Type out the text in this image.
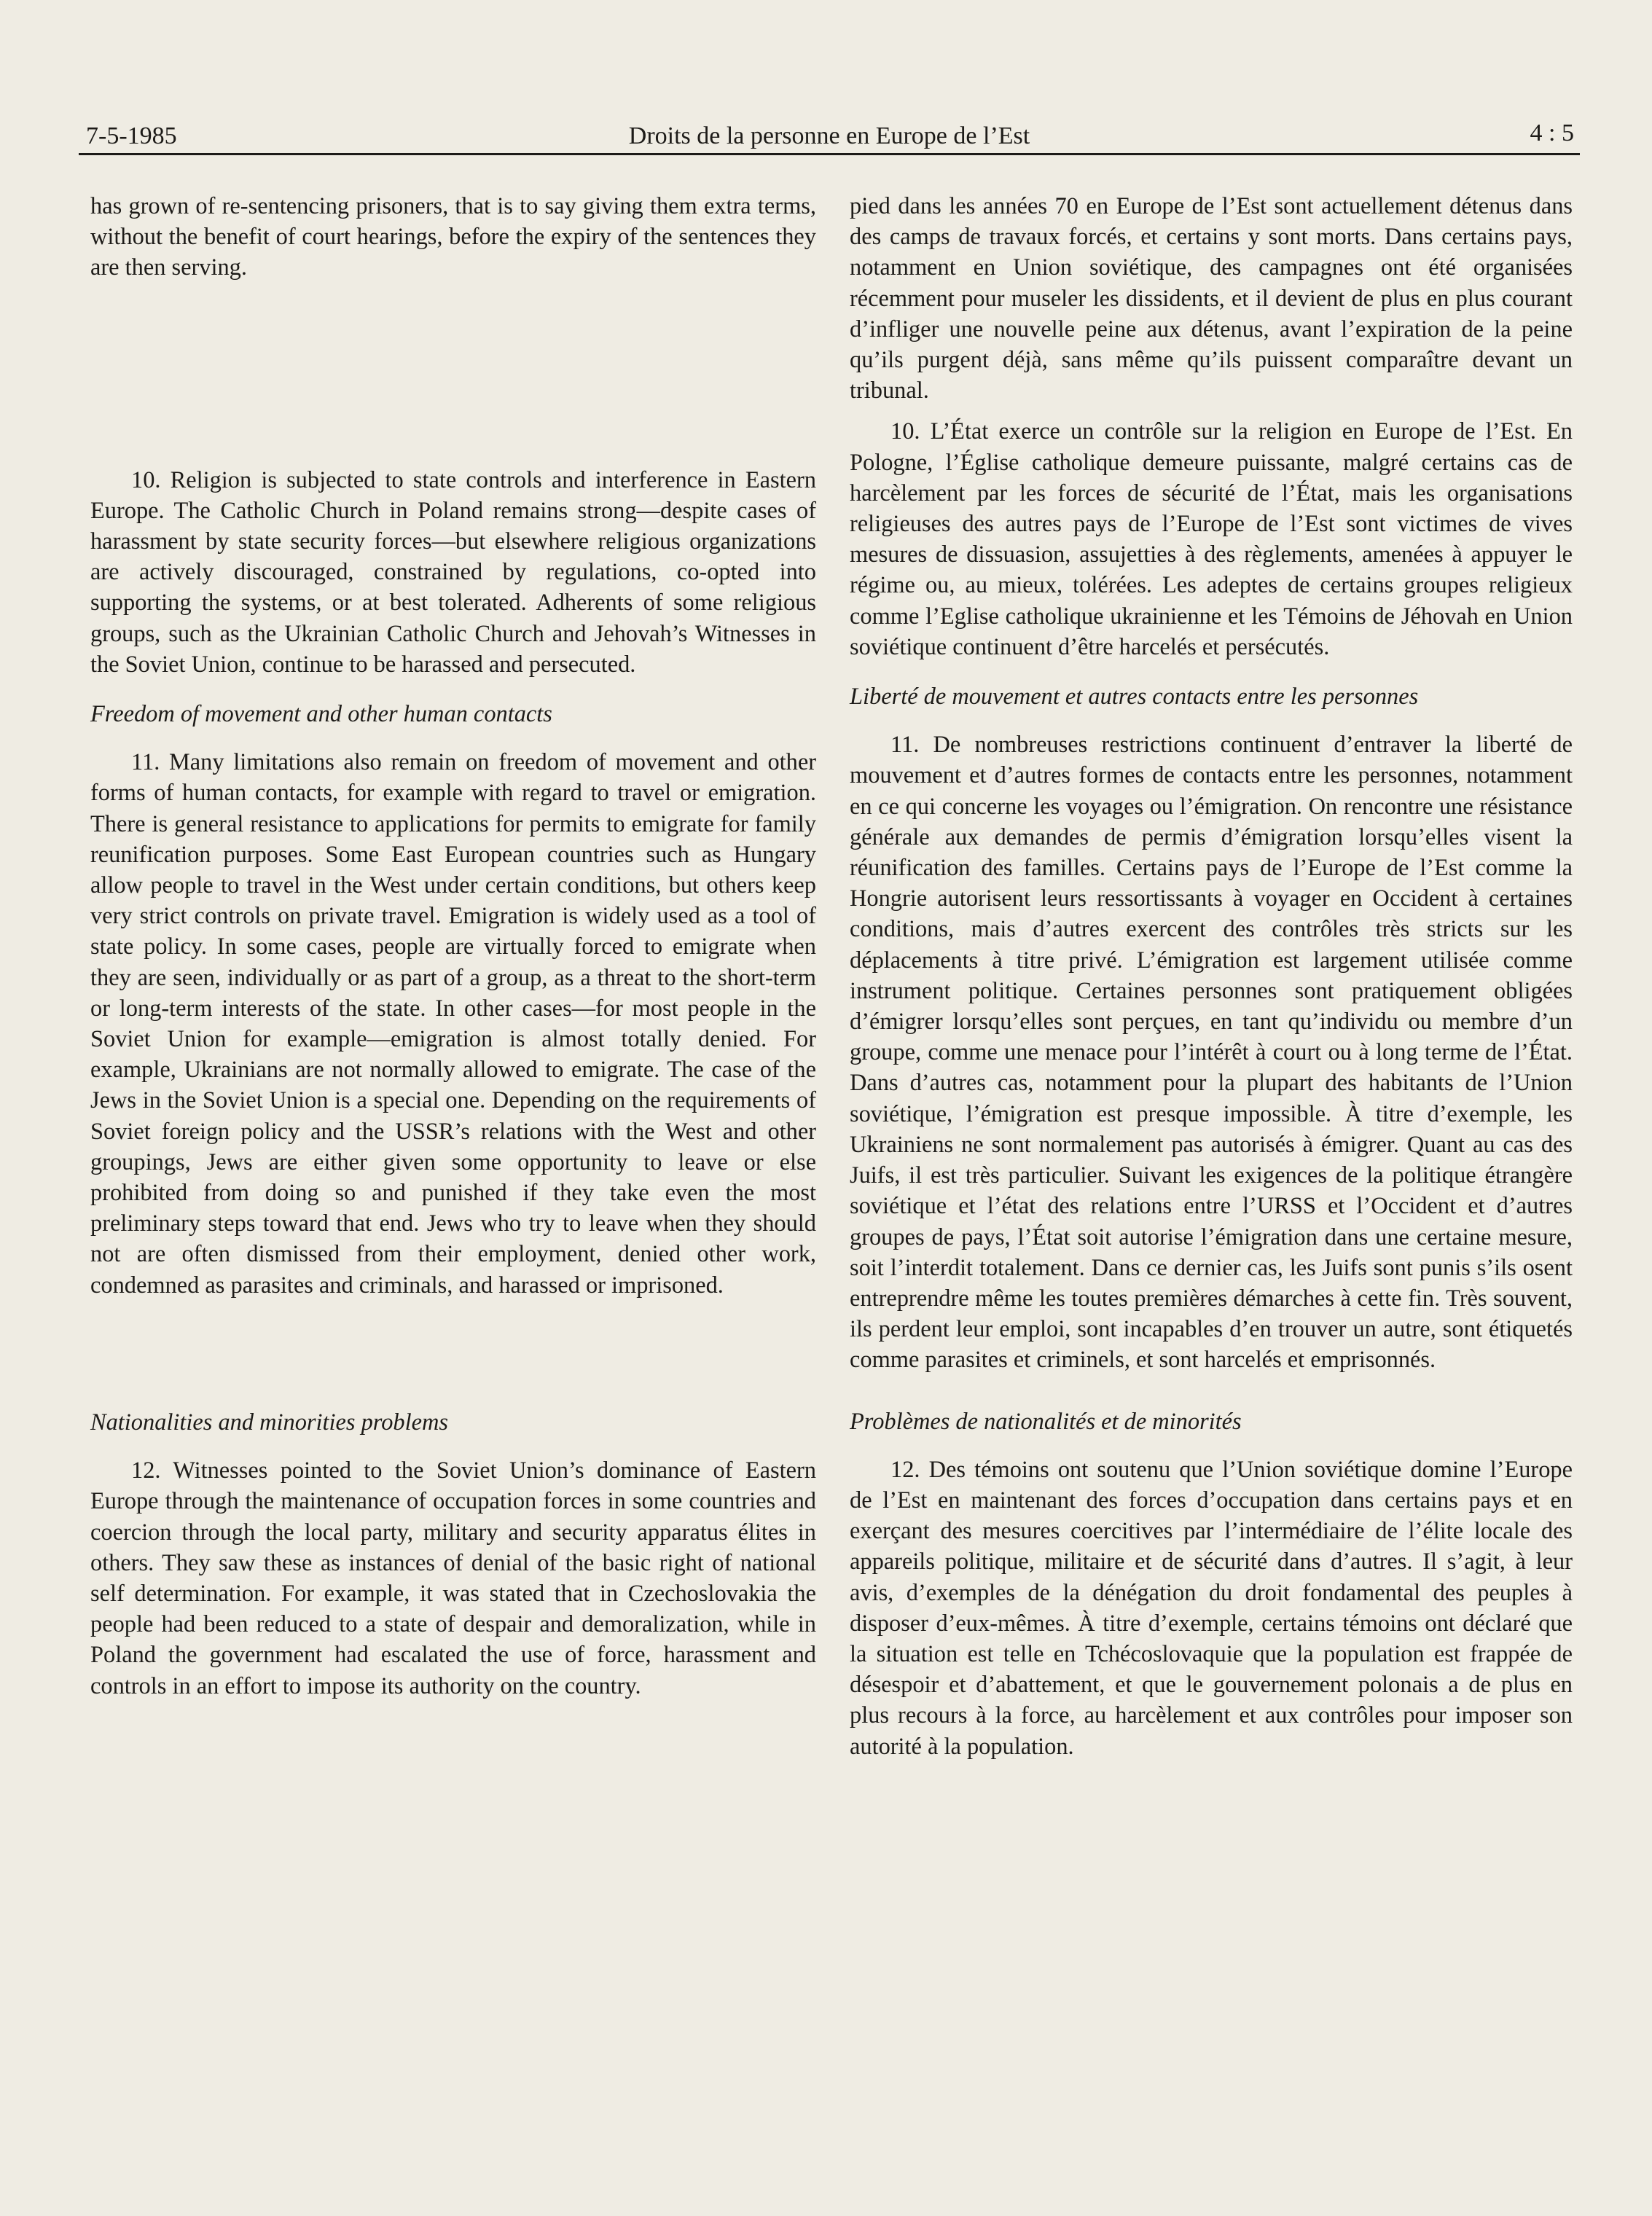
7-5-1985	Droits de la personne en Europe de l’Est	4 : 5

has grown of re-sentencing prisoners, that is to say giving them extra terms, without the benefit of court hearings, before the expiry of the sentences they are then serving.

10. Religion is subjected to state controls and interference in Eastern Europe. The Catholic Church in Poland remains strong—despite cases of harassment by state security forces—but elsewhere religious organizations are actively discouraged, constrained by regulations, co-opted into supporting the systems, or at best tolerated. Adherents of some religious groups, such as the Ukrainian Catholic Church and Jehovah’s Witnesses in the Soviet Union, continue to be harassed and persecuted.

Freedom of movement and other human contacts

11. Many limitations also remain on freedom of movement and other forms of human contacts, for example with regard to travel or emigration. There is general resistance to applications for permits to emigrate for family reunification purposes. Some East European countries such as Hungary allow people to travel in the West under certain conditions, but others keep very strict controls on private travel. Emigration is widely used as a tool of state policy. In some cases, people are virtually forced to emigrate when they are seen, individually or as part of a group, as a threat to the short-term or long-term interests of the state. In other cases—for most people in the Soviet Union for example—emigration is almost totally denied. For example, Ukrainians are not normally allowed to emigrate. The case of the Jews in the Soviet Union is a special one. Depending on the requirements of Soviet foreign policy and the USSR’s relations with the West and other groupings, Jews are either given some opportunity to leave or else prohibited from doing so and punished if they take even the most preliminary steps toward that end. Jews who try to leave when they should not are often dismissed from their employment, denied other work, condemned as parasites and criminals, and harassed or imprisoned.

Nationalities and minorities problems

12. Witnesses pointed to the Soviet Union’s dominance of Eastern Europe through the maintenance of occupation forces in some countries and coercion through the local party, military and security apparatus élites in others. They saw these as instances of denial of the basic right of national self determination. For example, it was stated that in Czechoslovakia the people had been reduced to a state of despair and demoralization, while in Poland the government had escalated the use of force, harassment and controls in an effort to impose its authority on the country.

pied dans les années 70 en Europe de l’Est sont actuellement détenus dans des camps de travaux forcés, et certains y sont morts. Dans certains pays, notamment en Union soviétique, des campagnes ont été organisées récemment pour museler les dissidents, et il devient de plus en plus courant d’infliger une nouvelle peine aux détenus, avant l’expiration de la peine qu’ils purgent déjà, sans même qu’ils puissent comparaître devant un tribunal.

10. L’État exerce un contrôle sur la religion en Europe de l’Est. En Pologne, l’Église catholique demeure puissante, malgré certains cas de harcèlement par les forces de sécurité de l’État, mais les organisations religieuses des autres pays de l’Europe de l’Est sont victimes de vives mesures de dissuasion, assujetties à des règlements, amenées à appuyer le régime ou, au mieux, tolérées. Les adeptes de certains groupes religieux comme l’Eglise catholique ukrainienne et les Témoins de Jéhovah en Union soviétique continuent d’être harcelés et persécutés.

Liberté de mouvement et autres contacts entre les personnes

11. De nombreuses restrictions continuent d’entraver la liberté de mouvement et d’autres formes de contacts entre les personnes, notamment en ce qui concerne les voyages ou l’émigration. On rencontre une résistance générale aux demandes de permis d’émigration lorsqu’elles visent la réunification des familles. Certains pays de l’Europe de l’Est comme la Hongrie autorisent leurs ressortissants à voyager en Occident à certaines conditions, mais d’autres exercent des contrôles très stricts sur les déplacements à titre privé. L’émigration est largement utilisée comme instrument politique. Certaines personnes sont pratiquement obligées d’émigrer lorsqu’elles sont perçues, en tant qu’individu ou membre d’un groupe, comme une menace pour l’intérêt à court ou à long terme de l’État. Dans d’autres cas, notamment pour la plupart des habitants de l’Union soviétique, l’émigration est presque impossible. À titre d’exemple, les Ukrainiens ne sont normalement pas autorisés à émigrer. Quant au cas des Juifs, il est très particulier. Suivant les exigences de la politique étrangère soviétique et l’état des relations entre l’URSS et l’Occident et d’autres groupes de pays, l’État soit autorise l’émigration dans une certaine mesure, soit l’interdit totalement. Dans ce dernier cas, les Juifs sont punis s’ils osent entreprendre même les toutes premières démarches à cette fin. Très souvent, ils perdent leur emploi, sont incapables d’en trouver un autre, sont étiquetés comme parasites et criminels, et sont harcelés et emprisonnés.

Problèmes de nationalités et de minorités

12. Des témoins ont soutenu que l’Union soviétique domine l’Europe de l’Est en maintenant des forces d’occupation dans certains pays et en exerçant des mesures coercitives par l’intermédiaire de l’élite locale des appareils politique, militaire et de sécurité dans d’autres. Il s’agit, à leur avis, d’exemples de la dénégation du droit fondamental des peuples à disposer d’eux-mêmes. À titre d’exemple, certains témoins ont déclaré que la situation est telle en Tchécoslovaquie que la population est frappée de désespoir et d’abattement, et que le gouvernement polonais a de plus en plus recours à la force, au harcèlement et aux contrôles pour imposer son autorité à la population.
